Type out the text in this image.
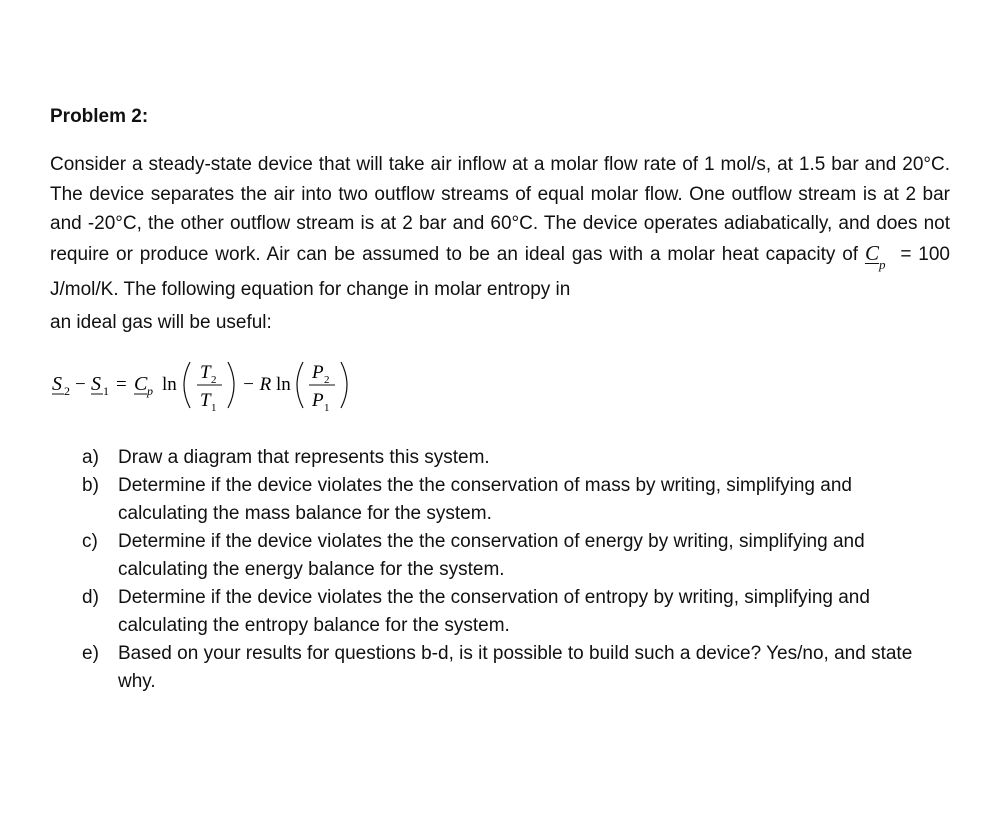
Problem 2:

Consider a steady-state device that will take air inflow at a molar flow rate of 1 mol/s, at 1.5 bar and 20°C. The device separates the air into two outflow streams of equal molar flow. One outflow stream is at 2 bar and -20°C, the other outflow stream is at 2 bar and 60°C. The device operates adiabatically, and does not require or produce work. Air can be assumed to be an ideal gas with a molar heat capacity of $C_p = 100$ J/mol/K. The following equation for change in molar entropy in
an ideal gas will be useful:

S 2 − S 1 = C p ln
T 2
T 1
− R ln
P 2
P 1
a) Draw a diagram that represents this system.
b) Determine if the device violates the the conservation of mass by writing, simplifying and calculating the mass balance for the system.
c) Determine if the device violates the the conservation of energy by writing, simplifying and calculating the energy balance for the system.
d) Determine if the device violates the the conservation of entropy by writing, simplifying and calculating the entropy balance for the system.
e) Based on your results for questions b-d, is it possible to build such a device? Yes/no, and state why.
